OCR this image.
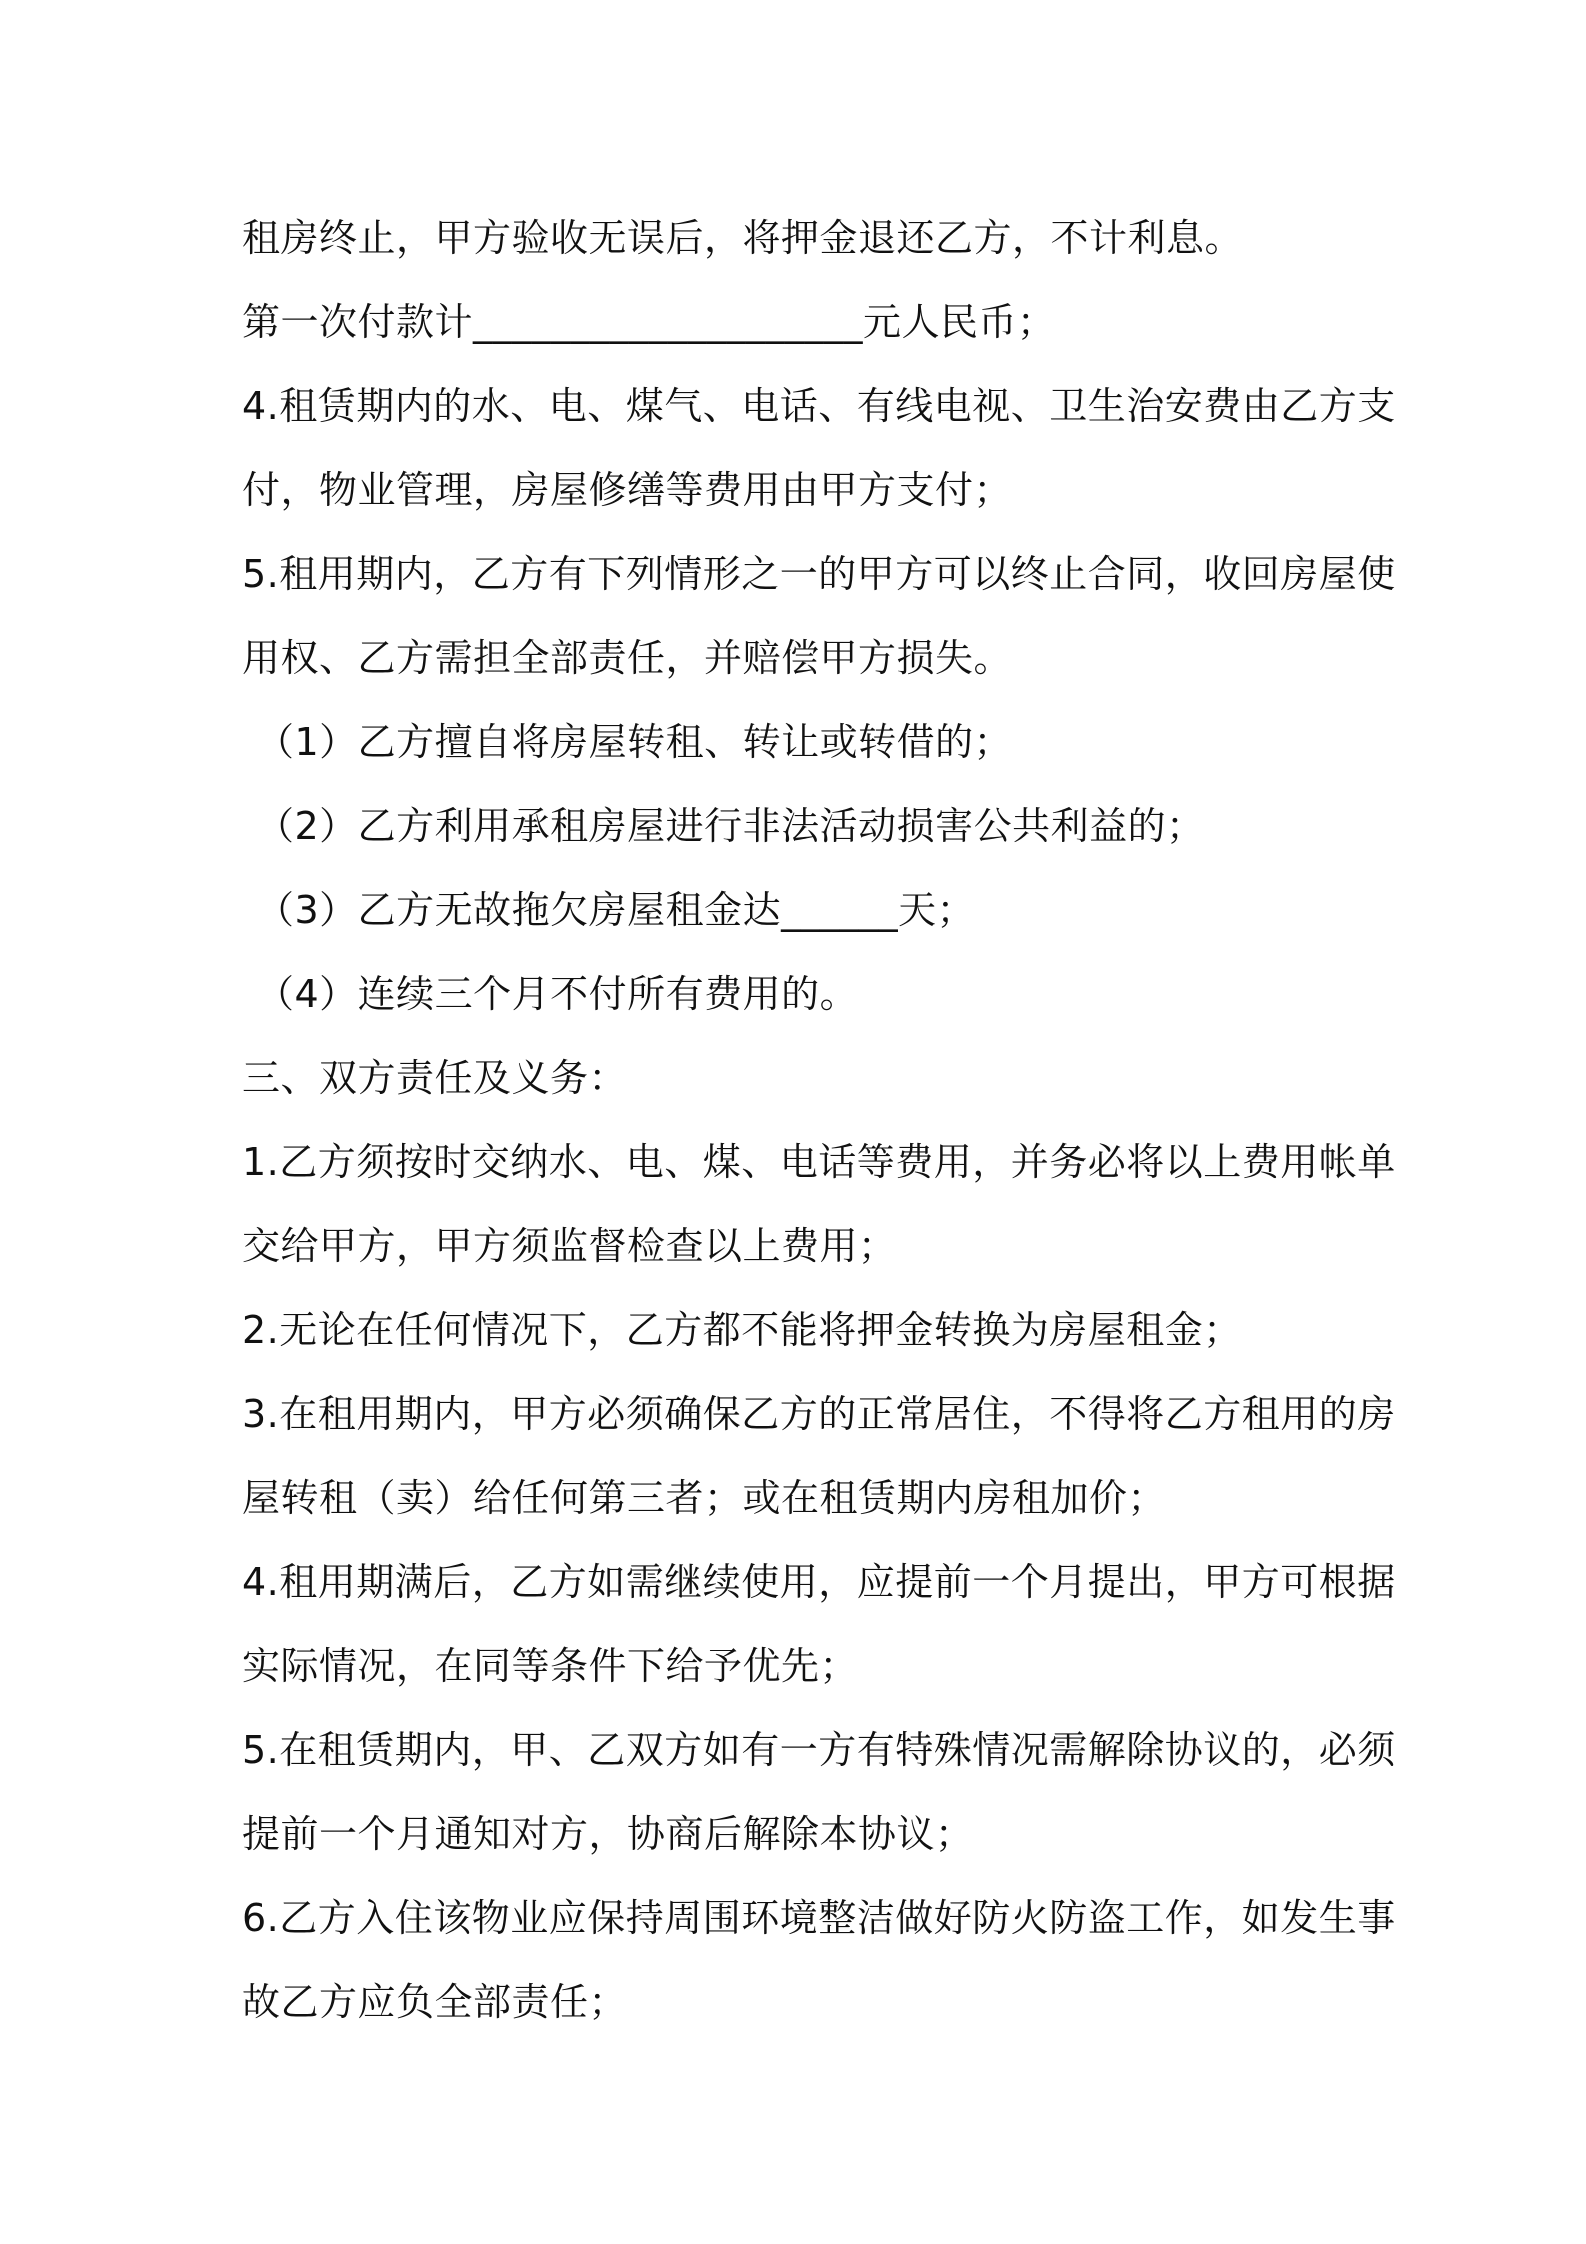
租房终止，甲方验收无误后，将押金退还乙方，不计利息。

第一次付款计____________________元人民币；

4.租赁期内的水、电、煤气、电话、有线电视、卫生治安费由乙方支

付，物业管理，房屋修缮等费用由甲方支付；

5.租用期内，乙方有下列情形之一的甲方可以终止合同，收回房屋使

用权、乙方需担全部责任，并赔偿甲方损失。

（1）乙方擅自将房屋转租、转让或转借的；

（2）乙方利用承租房屋进行非法活动损害公共利益的；

（3）乙方无故拖欠房屋租金达______天；

（4）连续三个月不付所有费用的。

三、双方责任及义务：

1.乙方须按时交纳水、电、煤、电话等费用，并务必将以上费用帐单

交给甲方，甲方须监督检查以上费用；

2.无论在任何情况下，乙方都不能将押金转换为房屋租金；

3.在租用期内，甲方必须确保乙方的正常居住，不得将乙方租用的房

屋转租（卖）给任何第三者；或在租赁期内房租加价；

4.租用期满后，乙方如需继续使用，应提前一个月提出，甲方可根据

实际情况，在同等条件下给予优先；

5.在租赁期内，甲、乙双方如有一方有特殊情况需解除协议的，必须

提前一个月通知对方，协商后解除本协议；

6.乙方入住该物业应保持周围环境整洁做好防火防盗工作，如发生事

故乙方应负全部责任；
